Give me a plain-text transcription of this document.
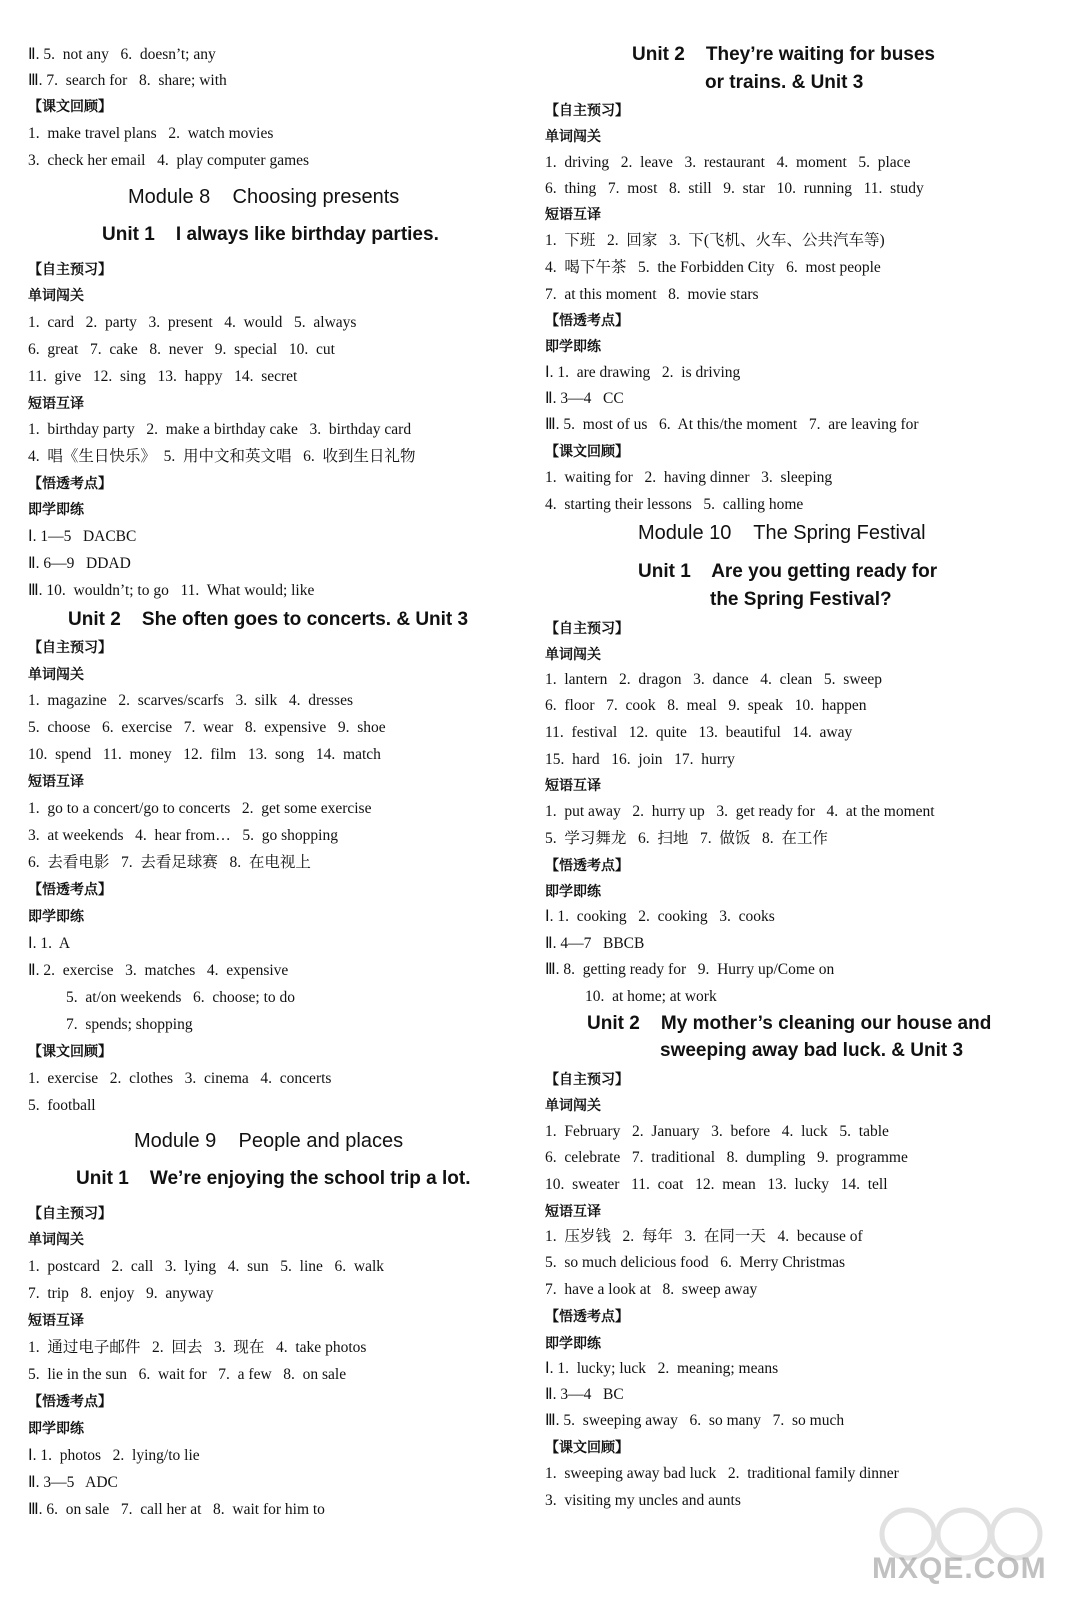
Ⅱ. 5.  not any   6.  doesn’t; any
Ⅲ. 7.  search for   8.  share; with
【课文回顾】
1.  make travel plans   2.  watch movies
3.  check her email   4.  play computer games
Module 8    Choosing presents
Unit 1    I always like birthday parties.
【自主预习】
单词闯关
1.  card   2.  party   3.  present   4.  would   5.  always
6.  great   7.  cake   8.  never   9.  special   10.  cut
11.  give   12.  sing   13.  happy   14.  secret
短语互译
1.  birthday party   2.  make a birthday cake   3.  birthday card
4.  唱《生日快乐》  5.  用中文和英文唱   6.  收到生日礼物
【悟透考点】
即学即练
Ⅰ. 1—5   DACBC
Ⅱ. 6—9   DDAD
Ⅲ. 10.  wouldn’t; to go   11.  What would; like
Unit 2    She often goes to concerts. & Unit 3
【自主预习】
单词闯关
1.  magazine   2.  scarves/scarfs   3.  silk   4.  dresses
5.  choose   6.  exercise   7.  wear   8.  expensive   9.  shoe
10.  spend   11.  money   12.  film   13.  song   14.  match
短语互译
1.  go to a concert/go to concerts   2.  get some exercise
3.  at weekends   4.  hear from…   5.  go shopping
6.  去看电影   7.  去看足球赛   8.  在电视上
【悟透考点】
即学即练
Ⅰ. 1.  A
Ⅱ. 2.  exercise   3.  matches   4.  expensive
5.  at/on weekends   6.  choose; to do
7.  spends; shopping
【课文回顾】
1.  exercise   2.  clothes   3.  cinema   4.  concerts
5.  football
Module 9    People and places
Unit 1    We’re enjoying the school trip a lot.
【自主预习】
单词闯关
1.  postcard   2.  call   3.  lying   4.  sun   5.  line   6.  walk
7.  trip   8.  enjoy   9.  anyway
短语互译
1.  通过电子邮件   2.  回去   3.  现在   4.  take photos
5.  lie in the sun   6.  wait for   7.  a few   8.  on sale
【悟透考点】
即学即练
Ⅰ. 1.  photos   2.  lying/to lie
Ⅱ. 3—5   ADC
Ⅲ. 6.  on sale   7.  call her at   8.  wait for him to
Unit 2    They’re waiting for buses
or trains. & Unit 3
【自主预习】
单词闯关
1.  driving   2.  leave   3.  restaurant   4.  moment   5.  place
6.  thing   7.  most   8.  still   9.  star   10.  running   11.  study
短语互译
1.  下班   2.  回家   3.  下(飞机、火车、公共汽车等)
4.  喝下午茶   5.  the Forbidden City   6.  most people
7.  at this moment   8.  movie stars
【悟透考点】
即学即练
Ⅰ. 1.  are drawing   2.  is driving
Ⅱ. 3—4   CC
Ⅲ. 5.  most of us   6.  At this/the moment   7.  are leaving for
【课文回顾】
1.  waiting for   2.  having dinner   3.  sleeping
4.  starting their lessons   5.  calling home
Module 10    The Spring Festival
Unit 1    Are you getting ready for
the Spring Festival?
【自主预习】
单词闯关
1.  lantern   2.  dragon   3.  dance   4.  clean   5.  sweep
6.  floor   7.  cook   8.  meal   9.  speak   10.  happen
11.  festival   12.  quite   13.  beautiful   14.  away
15.  hard   16.  join   17.  hurry
短语互译
1.  put away   2.  hurry up   3.  get ready for   4.  at the moment
5.  学习舞龙   6.  扫地   7.  做饭   8.  在工作
【悟透考点】
即学即练
Ⅰ. 1.  cooking   2.  cooking   3.  cooks
Ⅱ. 4—7   BBCB
Ⅲ. 8.  getting ready for   9.  Hurry up/Come on
10.  at home; at work
Unit 2    My mother’s cleaning our house and
sweeping away bad luck. & Unit 3
【自主预习】
单词闯关
1.  February   2.  January   3.  before   4.  luck   5.  table
6.  celebrate   7.  traditional   8.  dumpling   9.  programme
10.  sweater   11.  coat   12.  mean   13.  lucky   14.  tell
短语互译
1.  压岁钱   2.  每年   3.  在同一天   4.  because of
5.  so much delicious food   6.  Merry Christmas
7.  have a look at   8.  sweep away
【悟透考点】
即学即练
Ⅰ. 1.  lucky; luck   2.  meaning; means
Ⅱ. 3—4   BC
Ⅲ. 5.  sweeping away   6.  so many   7.  so much
【课文回顾】
1.  sweeping away bad luck   2.  traditional family dinner
3.  visiting my uncles and aunts
MXQE.COM
